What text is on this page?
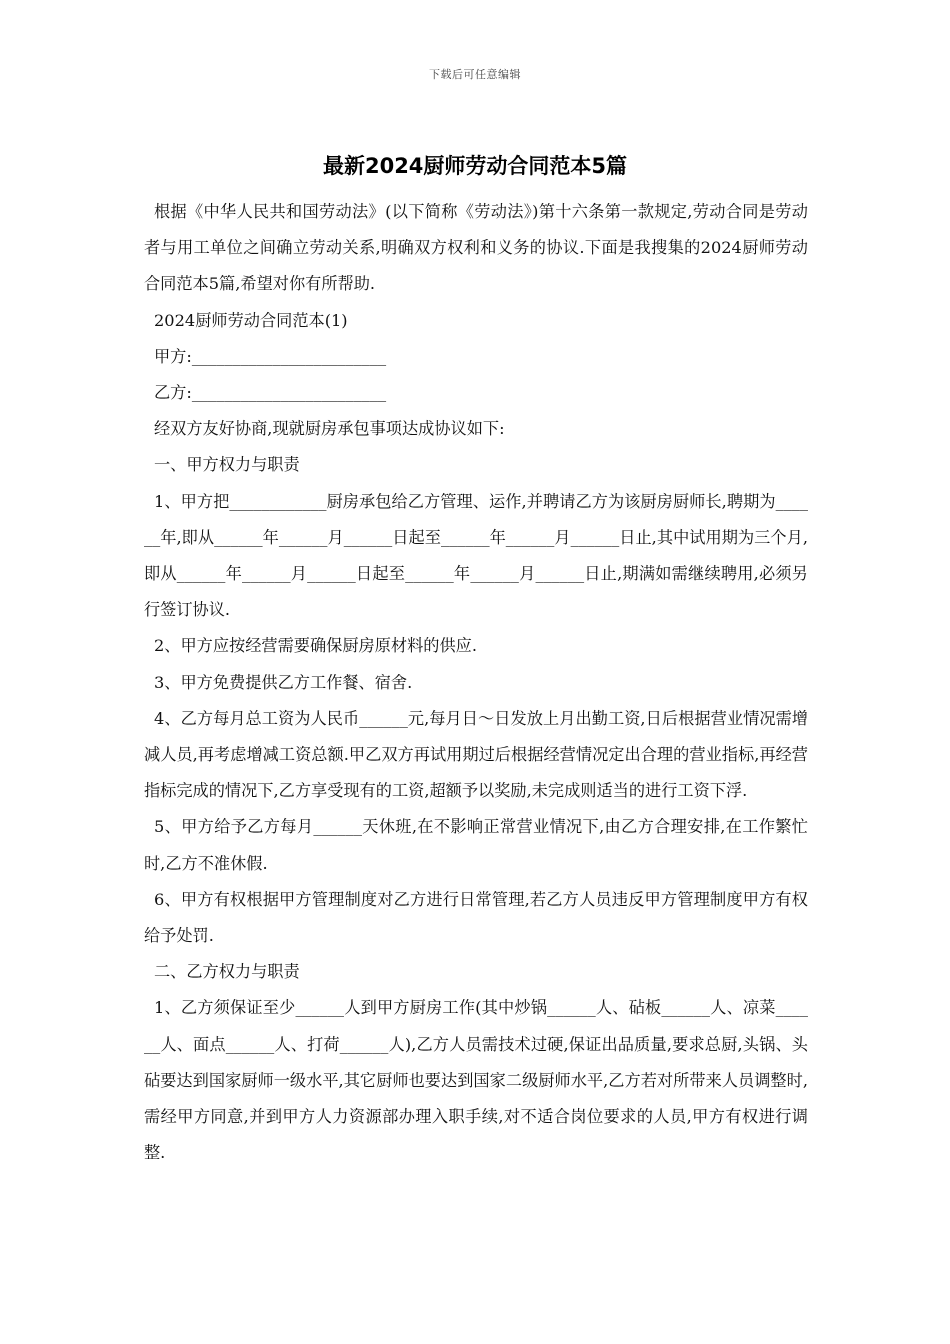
下载后可任意编辑
最新2024厨师劳动合同范本5篇

根据《中华人民共和国劳动法》(以下简称《劳动法》)第十六条第一款规定,劳动合同是劳动者与用工单位之间确立劳动关系,明确双方权利和义务的协议.下面是我搜集的2024厨师劳动合同范本5篇,希望对你有所帮助.

2024厨师劳动合同范本(1)

甲方:________________________

乙方:________________________

经双方友好协商,现就厨房承包事项达成协议如下:

一、甲方权力与职责

1、甲方把____________厨房承包给乙方管理、运作,并聘请乙方为该厨房厨师长,聘期为______年,即从______年______月______日起至______年______月______日止,其中试用期为三个月,即从______年______月______日起至______年______月______日止,期满如需继续聘用,必须另行签订协议.

2、甲方应按经营需要确保厨房原材料的供应.

3、甲方免费提供乙方工作餐、宿舍.

4、乙方每月总工资为人民币______元,每月日～日发放上月出勤工资,日后根据营业情况需增减人员,再考虑增减工资总额.甲乙双方再试用期过后根据经营情况定出合理的营业指标,再经营指标完成的情况下,乙方享受现有的工资,超额予以奖励,未完成则适当的进行工资下浮.

5、甲方给予乙方每月______天休班,在不影响正常营业情况下,由乙方合理安排,在工作繁忙时,乙方不准休假.

6、甲方有权根据甲方管理制度对乙方进行日常管理,若乙方人员违反甲方管理制度甲方有权给予处罚.

二、乙方权力与职责

1、乙方须保证至少______人到甲方厨房工作(其中炒锅______人、砧板______人、凉菜______人、面点______人、打荷______人),乙方人员需技术过硬,保证出品质量,要求总厨,头锅、头砧要达到国家厨师一级水平,其它厨师也要达到国家二级厨师水平,乙方若对所带来人员调整时,需经甲方同意,并到甲方人力资源部办理入职手续,对不适合岗位要求的人员,甲方有权进行调整.
